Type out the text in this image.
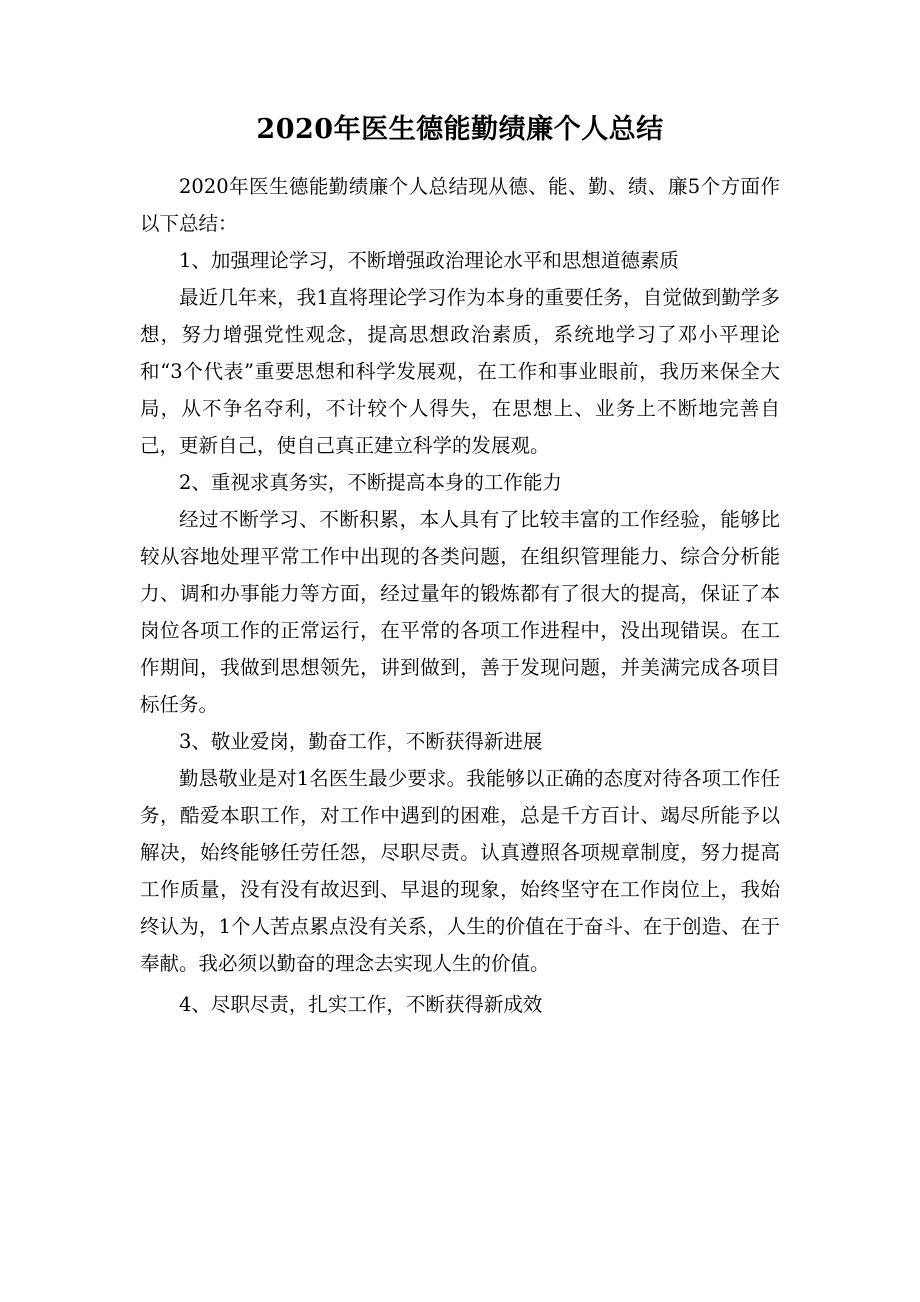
2020年医生德能勤绩廉个人总结

2020年医生德能勤绩廉个人总结现从德、能、勤、绩、廉5个方面作以下总结：

1、加强理论学习，不断增强政治理论水平和思想道德素质

最近几年来，我1直将理论学习作为本身的重要任务，自觉做到勤学多想，努力增强党性观念，提高思想政治素质，系统地学习了邓小平理论和“3个代表”重要思想和科学发展观，在工作和事业眼前，我历来保全大局，从不争名夺利，不计较个人得失，在思想上、业务上不断地完善自己，更新自己，使自己真正建立科学的发展观。

2、重视求真务实，不断提高本身的工作能力

经过不断学习、不断积累，本人具有了比较丰富的工作经验，能够比较从容地处理平常工作中出现的各类问题，在组织管理能力、综合分析能力、调和办事能力等方面，经过量年的锻炼都有了很大的提高，保证了本岗位各项工作的正常运行，在平常的各项工作进程中，没出现错误。在工作期间，我做到思想领先，讲到做到，善于发现问题，并美满完成各项目标任务。

3、敬业爱岗，勤奋工作，不断获得新进展

勤恳敬业是对1名医生最少要求。我能够以正确的态度对待各项工作任务，酷爱本职工作，对工作中遇到的困难，总是千方百计、竭尽所能予以解决，始终能够任劳任怨，尽职尽责。认真遵照各项规章制度，努力提高工作质量，没有没有故迟到、早退的现象，始终坚守在工作岗位上，我始终认为，1个人苦点累点没有关系，人生的价值在于奋斗、在于创造、在于奉献。我必须以勤奋的理念去实现人生的价值。

4、尽职尽责，扎实工作，不断获得新成效
